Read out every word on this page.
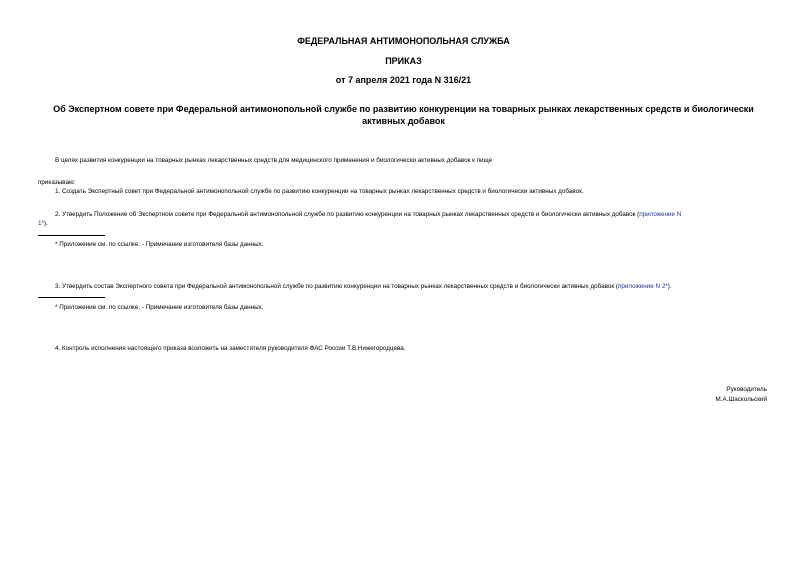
ФЕДЕРАЛЬНАЯ АНТИМОНОПОЛЬНАЯ СЛУЖБА
ПРИКАЗ
от 7 апреля 2021 года N 316/21
Об Экспертном совете при Федеральной антимонопольной службе по развитию конкуренции на товарных рынках лекарственных средств и биологически
активных добавок
В целях развития конкуренции на товарных рынках лекарственных средств для медицинского применения и биологически активных добавок к пище
приказываю:
1. Создать Экспертный совет при Федеральной антимонопольной службе по развитию конкуренции на товарных рынках лекарственных средств и биологически активных добавок.
2. Утвердить Положение об Экспертном совете при Федеральной антимонопольной службе по развитию конкуренции на товарных рынках лекарственных средств и биологически активных добавок (приложение N
1*).
* Приложение см. по ссылке. - Примечание изготовителя базы данных.
3. Утвердить состав Экспертного совета при Федеральной антимонопольной службе по развитию конкуренции на товарных рынках лекарственных средств и биологически активных добавок (приложение N 2*).
* Приложение см. по ссылке. - Примечание изготовителя базы данных.
4. Контроль исполнения настоящего приказа возложить на заместителя руководителя ФАС России Т.В.Нижегородцева.
Руководитель
М.А.Шаскольский
